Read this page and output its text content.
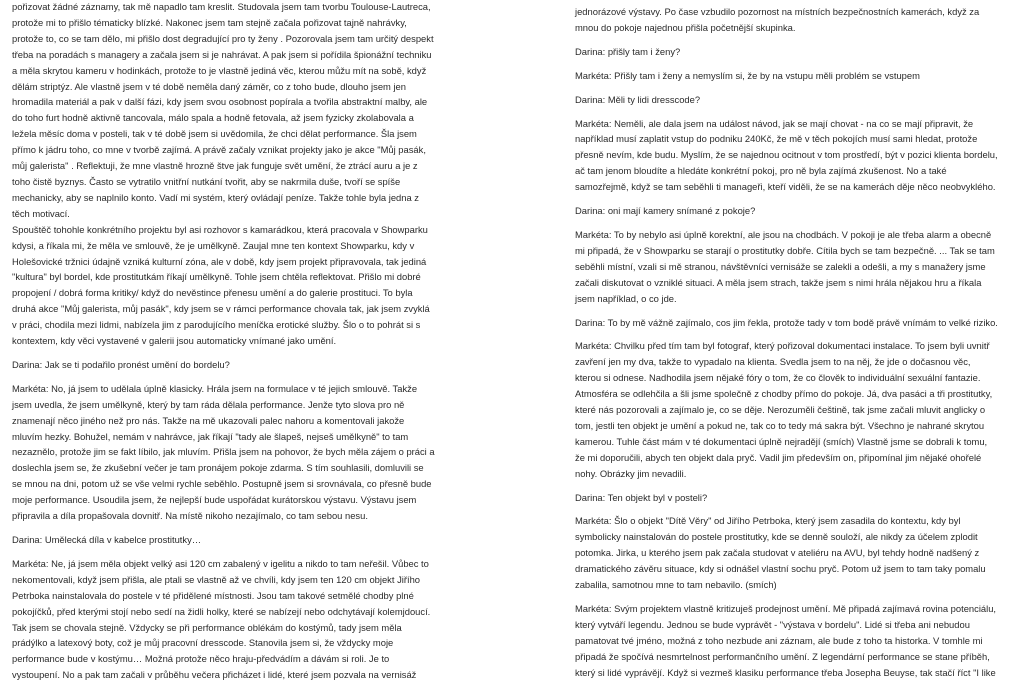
pořizovat žádné záznamy, tak mě napadlo tam kreslit. Studovala jsem tam tvorbu Toulouse-Lautreca, protože mi to přišlo tématicky blízké. Nakonec jsem tam stejně začala pořizovat tajně nahrávky, protože to, co se tam dělo, mi přišlo dost degradující pro ty ženy . Pozorovala jsem tam určitý despekt třeba na poradách s managery a začala jsem si je nahrávat. A pak jsem si pořídila špionážní techniku a měla skrytou kameru v hodinkách, protože to je vlastně jediná věc, kterou můžu mít na sobě, když dělám striptýz. Ale vlastně jsem v té době neměla daný záměr, co z toho bude, dlouho jsem jen hromadila materiál a pak v další fázi, kdy jsem svou osobnost popírala a tvořila abstraktní malby, ale do toho furt hodně aktivně tancovala, málo spala a hodně fetovala, až jsem fyzicky zkolabovala a ležela měsíc doma v posteli, tak v té době jsem si uvědomila, že chci dělat performance. Šla jsem přímo k jádru toho, co mne v tvorbě zajímá. A právě začaly vznikat projekty jako je akce "Můj pasák, můj galerista" . Reflektuji, že mne vlastně hrozně štve jak funguje svět umění, že ztrácí auru a je z toho čistě byznys. Často se vytratilo vnitřní nutkání tvořit, aby se nakrmila duše, tvoří se spíše mechanicky, aby se naplnilo konto. Vadí mi systém, který ovládají peníze. Takže tohle byla jedna z těch motivací.

Spouštěč tohohle konkrétního projektu byl asi rozhovor s kamarádkou, která pracovala v Showparku kdysi, a říkala mi, že měla ve smlouvě, že je umělkyně. Zaujal mne ten kontext Showparku, kdy v Holešovické tržnici údajně vzniká kulturní zóna, ale v době, kdy jsem projekt připravovala, tak jediná "kultura" byl bordel, kde prostitutkám říkají umělkyně. Tohle jsem chtěla reflektovat. Přišlo mi dobré propojení / dobrá forma kritiky/ když do nevěstince přenesu umění a do galerie prostituci. To byla druhá akce "Můj galerista, můj pasák", kdy jsem se v rámci performance chovala tak, jak jsem zvyklá v práci, chodila mezi lidmi, nabízela jim z parodujícího meníčka erotické služby. Šlo o to pohrát si s kontextem, kdy věci vystavené v galerii jsou automaticky vnímané jako umění.

Darina: Jak se ti podařilo pronést umění do bordelu?

Markéta: No, já jsem to udělala úplně klasicky. Hrála jsem na formulace v té jejich smlouvě. Takže jsem uvedla, že jsem umělkyně, který by tam ráda dělala performance. Jenže tyto slova pro ně znamenají něco jiného než pro nás. Takže na mě ukazovali palec nahoru a komentovali jakože mluvím hezky. Bohužel, nemám v nahrávce, jak říkají "tady ale šlapeš, nejseš umělkyně" to tam nezaznělo, protože jim se fakt líbilo, jak mluvím. Přišla jsem na pohovor, že bych měla zájem o práci a doslechla jsem se, že zkušební večer je tam pronájem pokoje zdarma. S tím souhlasili, domluvili se se mnou na dni, potom už se vše velmi rychle seběhlo. Postupně jsem si srovnávala, co přesně bude moje performance. Usoudila jsem, že nejlepší bude uspořádat kurátorskou výstavu. Výstavu jsem připravila a díla propašovala dovnitř. Na místě nikoho nezajímalo, co tam sebou nesu.

Darina: Umělecká díla v kabelce prostitutky…

Markéta: Ne, já jsem měla objekt velký asi 120 cm zabalený v igelitu a nikdo to tam neřešil. Vůbec to nekomentovali, když jsem přišla, ale ptali se vlastně až ve chvíli, kdy jsem ten 120 cm objekt Jiřího Petrboka nainstalovala do postele v té přidělené místnosti. Jsou tam takové setmělé chodby plné pokojíčků, před kterými stojí nebo sedí na židli holky, které se nabízejí nebo odchytávají kolemjdoucí. Tak jsem se chovala stejně. Vždycky se při performance oblékám do kostýmů, tady jsem měla prádýlko a latexový boty, což je můj pracovní dresscode. Stanovila jsem si, že vždycky moje performance bude v kostýmu… Možná protože něco hraju-předvádím a dávám si roli. Je to vystoupení. No a pak tam začali v průběhu večera přicházet i lidé, které jsem pozvala na vernisáž

jednorázové výstavy. Po čase vzbudilo pozornost na místních bezpečnostních kamerách, když za mnou do pokoje najednou přišla početnější skupinka.

Darina: přišly tam i ženy?

Markéta: Přišly tam i ženy a nemyslím si, že by na vstupu měli problém se vstupem

Darina: Měli ty lidi dresscode?

Markéta: Neměli, ale dala jsem na událost návod, jak se mají chovat - na co se mají připravit, že například musí zaplatit vstup do podniku 240Kč, že mě v těch pokojích musí sami hledat, protože přesně nevím, kde budu. Myslím, že se najednou ocitnout v tom prostředí, být v pozici klienta bordelu, ač tam jenom bloudíte a hledáte konkrétní pokoj, pro ně byla zajímá zkušenost. No a také samozřejmě, když se tam seběhli ti manageři, kteří viděli, že se na kamerách děje něco neobvyklého.

Darina: oni mají kamery snímané z pokoje?

Markéta: To by nebylo asi úplně korektní, ale jsou na chodbách. V pokoji je ale třeba alarm a obecně mi připadá, že v Showparku se starají o prostitutky dobře. Cítila bych se tam bezpečně. ... Tak se tam seběhli místní, vzali si mě stranou, návštěvníci vernisáže se zalekli a odešli, a my s manažery jsme začali diskutovat o vzniklé situaci. A měla jsem strach, takže jsem s nimi hrála nějakou hru a říkala jsem například, o co jde.

Darina: To by mě vážně zajímalo, cos jim řekla, protože tady v tom bodě právě vnímám to velké riziko.

Markéta: Chvilku před tím tam byl fotograf, který pořizoval dokumentaci instalace. To jsem byli uvnitř zavření jen my dva, takže to vypadalo na klienta. Svedla jsem to na něj, že jde o dočasnou věc, kterou si odnese. Nadhodila jsem nějaké fóry o tom, že co člověk to individuální sexuální fantazie. Atmosféra se odlehčila a šli jsme společně z chodby přímo do pokoje. Já, dva pasáci a tři prostitutky, které nás pozorovali a zajímalo je, co se děje. Nerozuměli češtině, tak jsme začali mluvit anglicky o tom, jestli ten objekt je umění a pokud ne, tak co to tedy má sakra být. Všechno je nahrané skrytou kamerou. Tuhle část mám v té dokumentaci úplně nejradějí (smích) Vlastně jsme se dobrali k tomu, že mi doporučili, abych ten objekt dala pryč. Vadil jim především on, připomínal jim nějaké ohořelé nohy. Obrázky jim nevadili.

Darina: Ten objekt byl v posteli?

Markéta: Šlo o objekt "Dítě Věry" od Jiřího Petrboka, který jsem zasadila do kontextu, kdy byl symbolicky nainstalován do postele prostitutky, kde se denně souloží, ale nikdy za účelem zplodit potomka. Jirka, u kterého jsem pak začala studovat v ateliéru na AVU, byl tehdy hodně nadšený z dramatického závěru situace, kdy si odnášel vlastní sochu pryč. Potom už jsem to tam taky pomalu zabalila, samotnou mne to tam nebavilo. (smích)

Markéta: Svým projektem vlastně kritizuješ prodejnost umění. Mě připadá zajímavá rovina potenciálu, který vytváří legendu. Jednou se bude vyprávět - "výstava v bordelu". Lidé si třeba ani nebudou pamatovat tvé jméno, možná z toho nezbude ani záznam, ale bude z toho ta historka. V tomhle mi připadá že spočívá nesmrtelnost performančního umění. Z legendární performance se stane příběh, který si lidé vyprávějí. Když si vezmeš klasiku performance třeba Josepha Beuyse, tak stačí říct "I like
